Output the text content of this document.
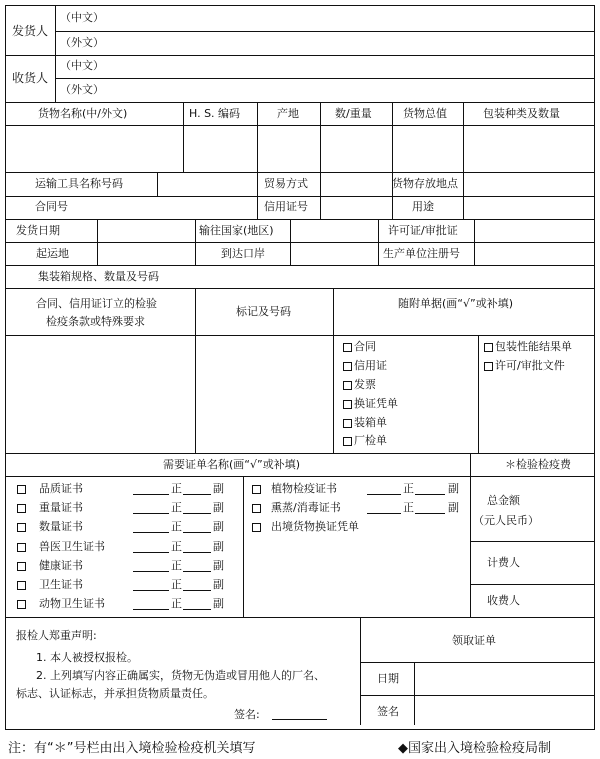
发货人
（中文）
（外文）
收货人
（中文）
（外文）
货物名称(中/外文)	H. S. 编码	产地	数/重量	货物总值	包装种类及数量
运输工具名称号码	贸易方式	货物存放地点
合同号	信用证号	用途
发货日期	输往国家(地区)	许可证/审批证
起运地	到达口岸	生产单位注册号
集装箱规格、数量及号码
合同、信用证订立的检验
检疫条款或特殊要求
标记及号码
随附单据(画“√”或补填)
合同
信用证
发票
换证凭单
装箱单
厂检单
包装性能结果单
许可/审批文件
需要证单名称(画“√”或补填)	＊检验检疫费
品质证书	正	副
重量证书	正	副
数量证书	正	副
兽医卫生证书	正	副
健康证书	正	副
卫生证书	正	副
动物卫生证书	正	副
植物检疫证书	正	副
熏蒸/消毒证书	正	副
出境货物换证凭单
总金额
（元人民币）
计费人
收费人
报检人郑重声明:
1. 本人被授权报检。
2. 上列填写内容正确属实，货物无伪造或冒用他人的厂名、
标志、认证标志，并承担货物质量责任。
签名:
领取证单
日期
签名
注：有“＊”号栏由出入境检验检疫机关填写	◆国家出入境检验检疫局制
